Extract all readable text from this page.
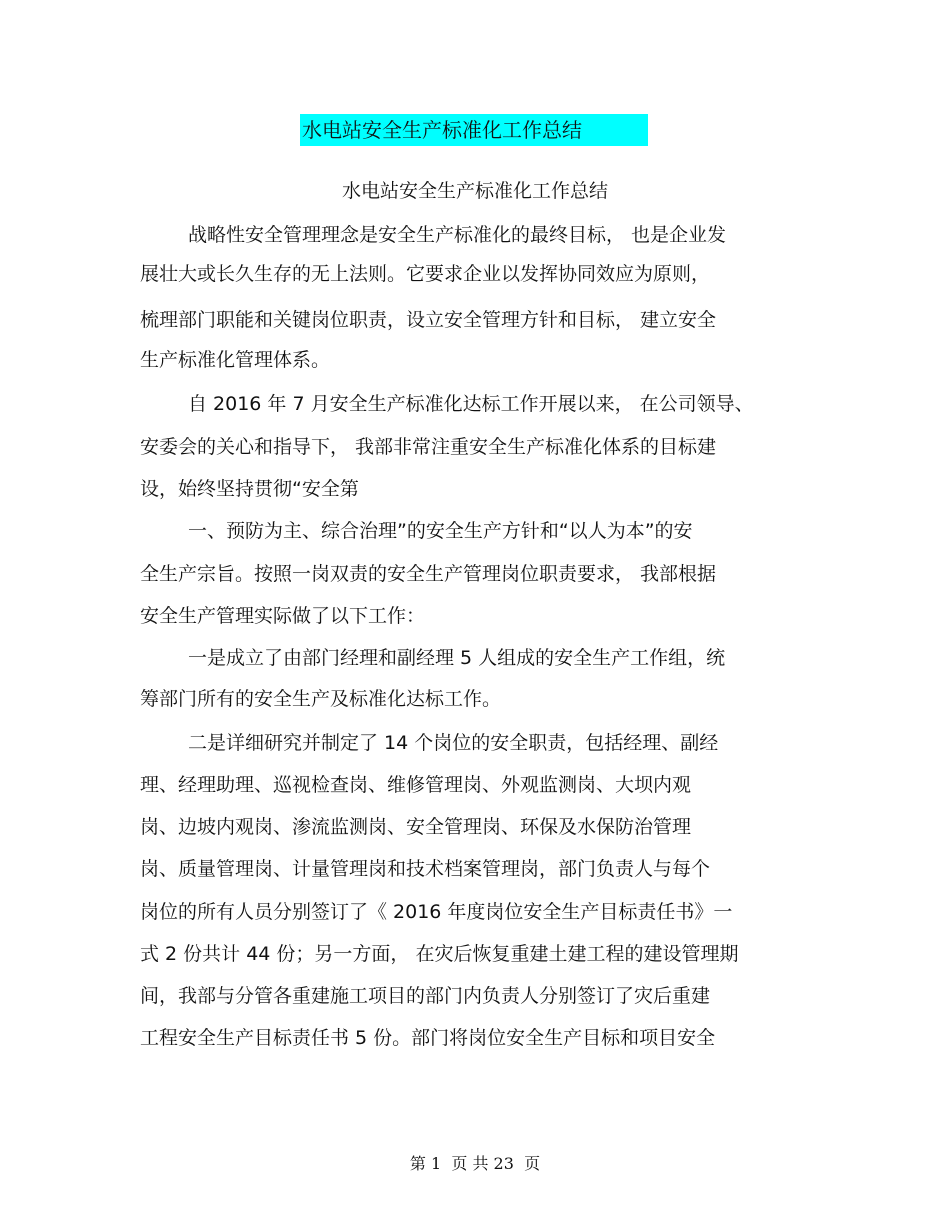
水电站安全生产标准化工作总结
水电站安全生产标准化工作总结
战略性安全管理理念是安全生产标准化的最终目标， 也是企业发
展壮大或长久生存的无上法则。它要求企业以发挥协同效应为原则，
梳理部门职能和关键岗位职责，设立安全管理方针和目标， 建立安全
生产标准化管理体系。
自 2016 年 7 月安全生产标准化达标工作开展以来， 在公司领导、
安委会的关心和指导下， 我部非常注重安全生产标准化体系的目标建
设，始终坚持贯彻“安全第
一、预防为主、综合治理”的安全生产方针和“以人为本”的安
全生产宗旨。按照一岗双责的安全生产管理岗位职责要求， 我部根据
安全生产管理实际做了以下工作：
一是成立了由部门经理和副经理 5 人组成的安全生产工作组，统
筹部门所有的安全生产及标准化达标工作。
二是详细研究并制定了 14 个岗位的安全职责，包括经理、副经
理、经理助理、巡视检查岗、维修管理岗、外观监测岗、大坝内观
岗、边坡内观岗、渗流监测岗、安全管理岗、环保及水保防治管理
岗、质量管理岗、计量管理岗和技术档案管理岗，部门负责人与每个
岗位的所有人员分别签订了《 2016 年度岗位安全生产目标责任书》一
式 2 份共计 44 份；另一方面， 在灾后恢复重建土建工程的建设管理期
间，我部与分管各重建施工项目的部门内负责人分别签订了灾后重建
工程安全生产目标责任书 5 份。部门将岗位安全生产目标和项目安全
第 1  页 共 23  页
